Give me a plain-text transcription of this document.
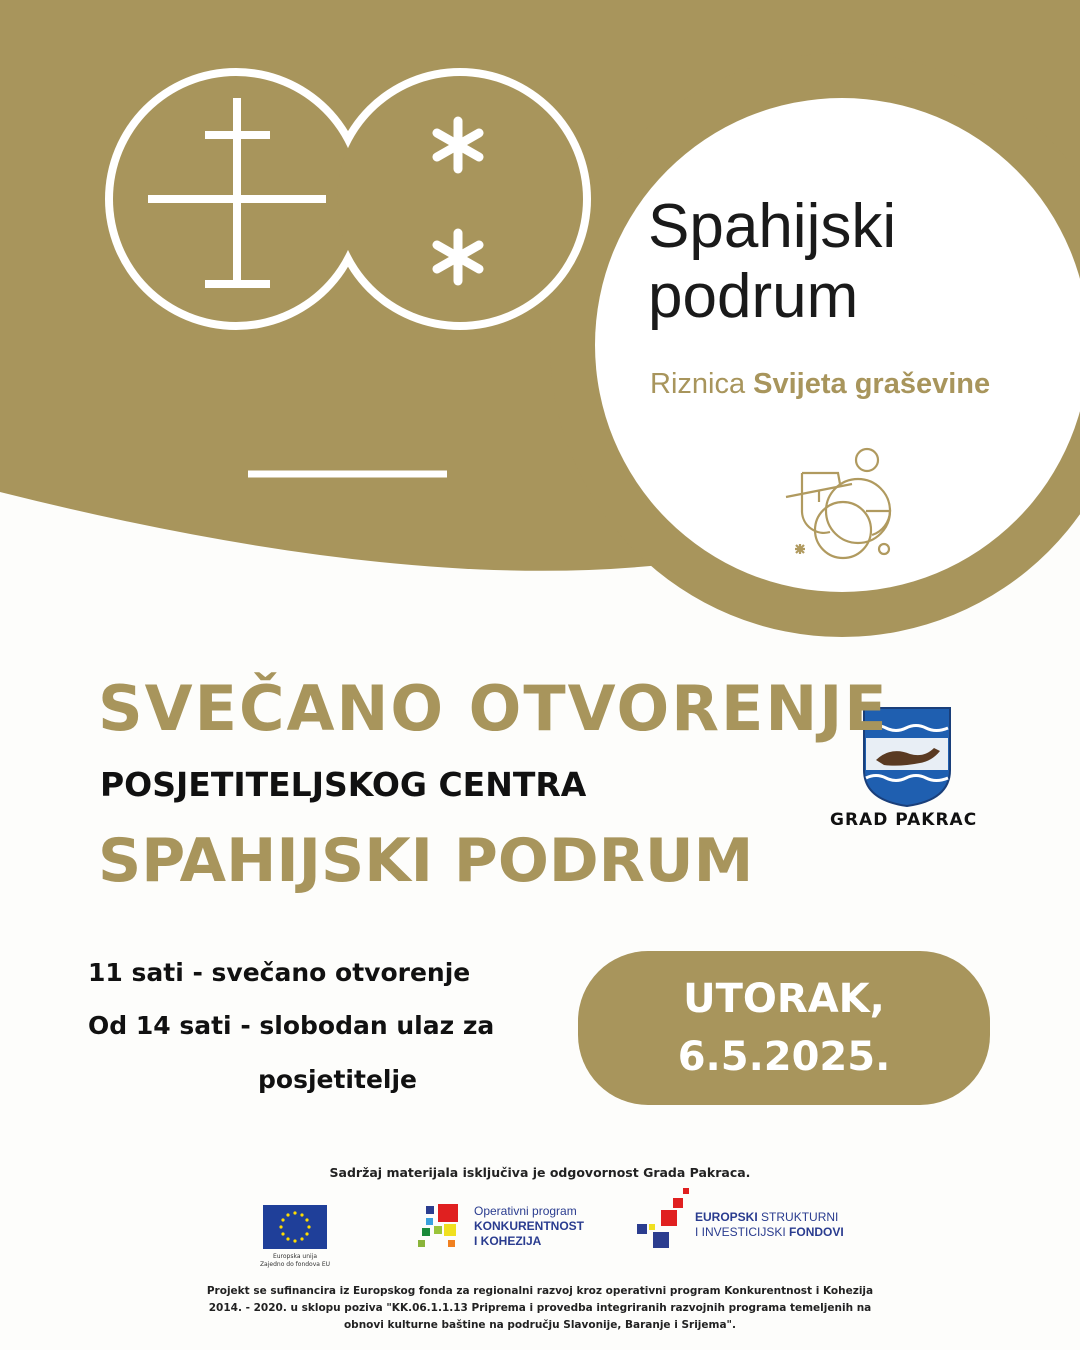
Spahijski
podrum
Riznica Svijeta graševine
SVEČANO OTVORENJE
POSJETITELJSKOG CENTRA
SPAHIJSKI PODRUM
GRAD PAKRAC
11 sati - svečano otvorenje
Od 14 sati - slobodan ulaz za
posjetitelje
UTORAK,
6.5.2025.
Sadržaj materijala isključiva je odgovornost Grada Pakraca.
Europska unija
Zajedno do fondova EU
Operativni program
KONKURENTNOST
I KOHEZIJA
EUROPSKI STRUKTURNI
I INVESTICIJSKI FONDOVI
Projekt se sufinancira iz Europskog fonda za regionalni razvoj kroz operativni program Konkurentnost i Kohezija 2014. - 2020. u sklopu poziva "KK.06.1.1.13 Priprema i provedba integriranih razvojnih programa temeljenih na obnovi kulturne baštine na području Slavonije, Baranje i Srijema".
